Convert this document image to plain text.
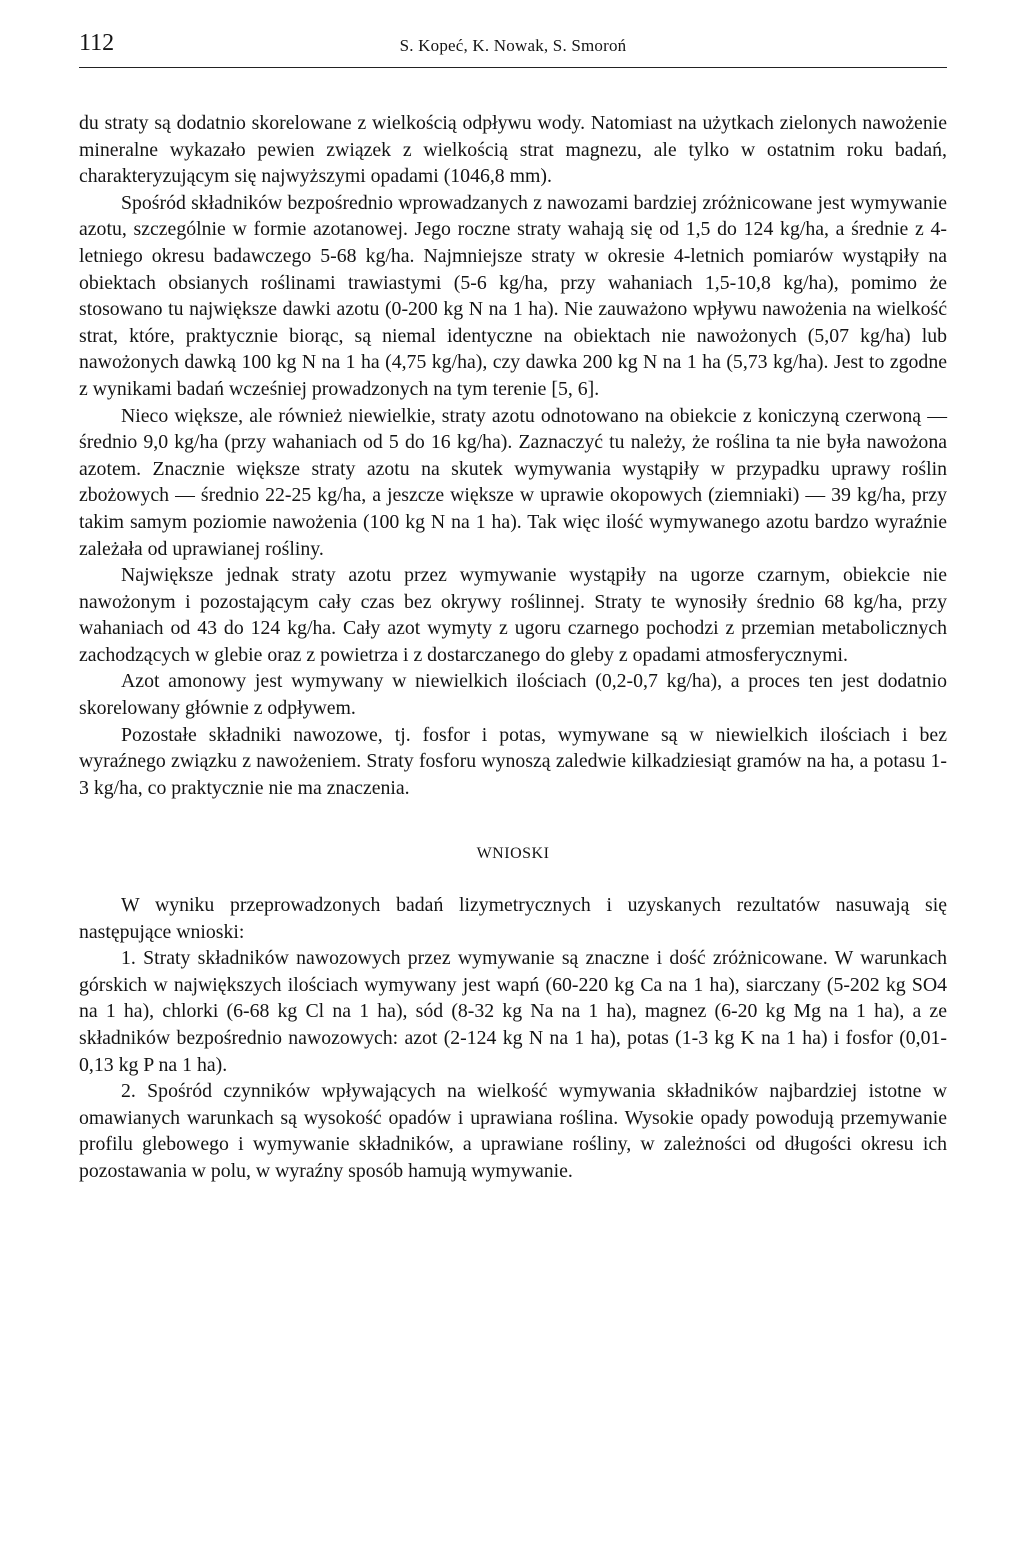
112	S. Kopeć, K. Nowak, S. Smoroń

du straty są dodatnio skorelowane z wielkością odpływu wody. Natomiast na użytkach zielonych nawożenie mineralne wykazało pewien związek z wielkością strat magnezu, ale tylko w ostatnim roku badań, charakteryzującym się najwyższymi opadami (1046,8 mm).

Spośród składników bezpośrednio wprowadzanych z nawozami bardziej zróżnicowane jest wymywanie azotu, szczególnie w formie azotanowej. Jego roczne straty wahają się od 1,5 do 124 kg/ha, a średnie z 4-letniego okresu badawczego 5-68 kg/ha. Najmniejsze straty w okresie 4-letnich pomiarów wystąpiły na obiektach obsianych roślinami trawiastymi (5-6 kg/ha, przy wahaniach 1,5-10,8 kg/ha), pomimo że stosowano tu największe dawki azotu (0-200 kg N na 1 ha). Nie zauważono wpływu nawożenia na wielkość strat, które, praktycznie biorąc, są niemal identyczne na obiektach nie nawożonych (5,07 kg/ha) lub nawożonych dawką 100 kg N na 1 ha (4,75 kg/ha), czy dawka 200 kg N na 1 ha (5,73 kg/ha). Jest to zgodne z wynikami badań wcześniej prowadzonych na tym terenie [5, 6].

Nieco większe, ale również niewielkie, straty azotu odnotowano na obiekcie z koniczyną czerwoną — średnio 9,0 kg/ha (przy wahaniach od 5 do 16 kg/ha). Zaznaczyć tu należy, że roślina ta nie była nawożona azotem. Znacznie większe straty azotu na skutek wymywania wystąpiły w przypadku uprawy roślin zbożowych — średnio 22-25 kg/ha, a jeszcze większe w uprawie okopowych (ziemniaki) — 39 kg/ha, przy takim samym poziomie nawożenia (100 kg N na 1 ha). Tak więc ilość wymywanego azotu bardzo wyraźnie zależała od uprawianej rośliny.

Największe jednak straty azotu przez wymywanie wystąpiły na ugorze czarnym, obiekcie nie nawożonym i pozostającym cały czas bez okrywy roślinnej. Straty te wynosiły średnio 68 kg/ha, przy wahaniach od 43 do 124 kg/ha. Cały azot wymyty z ugoru czarnego pochodzi z przemian metabolicznych zachodzących w glebie oraz z powietrza i z dostarczanego do gleby z opadami atmosferycznymi.

Azot amonowy jest wymywany w niewielkich ilościach (0,2-0,7 kg/ha), a proces ten jest dodatnio skorelowany głównie z odpływem.

Pozostałe składniki nawozowe, tj. fosfor i potas, wymywane są w niewielkich ilościach i bez wyraźnego związku z nawożeniem. Straty fosforu wynoszą zaledwie kilkadziesiąt gramów na ha, a potasu 1-3 kg/ha, co praktycznie nie ma znaczenia.

WNIOSKI

W wyniku przeprowadzonych badań lizymetrycznych i uzyskanych rezultatów nasuwają się następujące wnioski:

1. Straty składników nawozowych przez wymywanie są znaczne i dość zróżnicowane. W warunkach górskich w największych ilościach wymywany jest wapń (60-220 kg Ca na 1 ha), siarczany (5-202 kg SO4 na 1 ha), chlorki (6-68 kg Cl na 1 ha), sód (8-32 kg Na na 1 ha), magnez (6-20 kg Mg na 1 ha), a ze składników bezpośrednio nawozowych: azot (2-124 kg N na 1 ha), potas (1-3 kg K na 1 ha) i fosfor (0,01-0,13 kg P na 1 ha).

2. Spośród czynników wpływających na wielkość wymywania składników najbardziej istotne w omawianych warunkach są wysokość opadów i uprawiana roślina. Wysokie opady powodują przemywanie profilu glebowego i wymywanie składników, a uprawiane rośliny, w zależności od długości okresu ich pozostawania w polu, w wyraźny sposób hamują wymywanie.
